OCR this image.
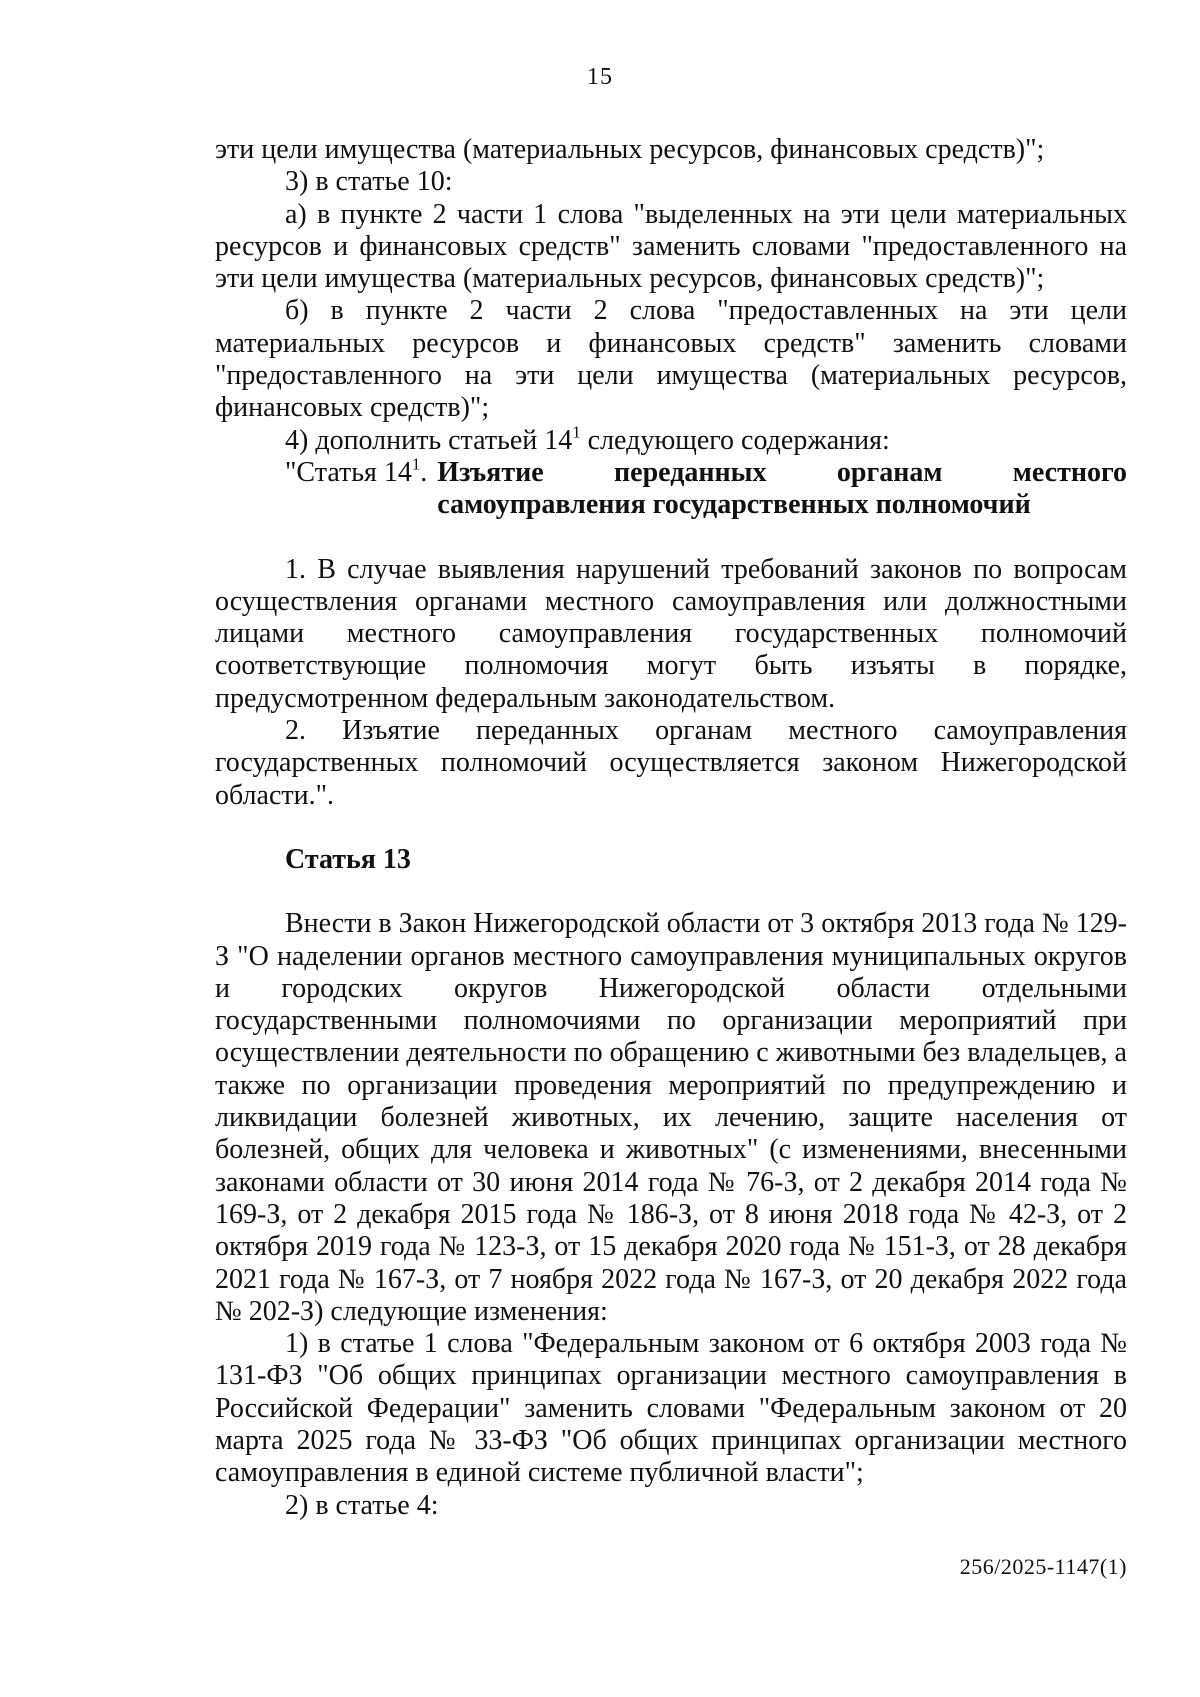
15

эти цели имущества (материальных ресурсов, финансовых средств)";

3) в статье 10:

а) в пункте 2 части 1 слова "выделенных на эти цели материальных ресурсов и финансовых средств" заменить словами "предоставленного на эти цели имущества (материальных ресурсов, финансовых средств)";

б) в пункте 2 части 2 слова "предоставленных на эти цели материальных ресурсов и финансовых средств" заменить словами "предоставленного на эти цели имущества (материальных ресурсов, финансовых средств)";

4) дополнить статьей $14^1$ следующего содержания:

"Статья $14^1$. Изъятие	переданных	органам	местного
самоуправления государственных полномочий

1. В случае выявления нарушений требований законов по вопросам осуществления органами местного самоуправления или должностными лицами местного самоуправления государственных полномочий соответствующие полномочия могут быть изъяты в порядке, предусмотренном федеральным законодательством.

2. Изъятие переданных органам местного самоуправления государственных полномочий осуществляется законом Нижегородской области.".

Статья 13

Внести в Закон Нижегородской области от 3 октября 2013 года № 129-З "О наделении органов местного самоуправления муниципальных округов и городских округов Нижегородской области отдельными государственными полномочиями по организации мероприятий при осуществлении деятельности по обращению с животными без владельцев, а также по организации проведения мероприятий по предупреждению и ликвидации болезней животных, их лечению, защите населения от болезней, общих для человека и животных" (с изменениями, внесенными законами области от 30 июня 2014 года № 76-З, от 2 декабря 2014 года № 169-З, от 2 декабря 2015 года № 186-З, от 8 июня 2018 года № 42-З, от 2 октября 2019 года № 123-З, от 15 декабря 2020 года № 151-З, от 28 декабря 2021 года № 167-З, от 7 ноября 2022 года № 167-З, от 20 декабря 2022 года № 202-З) следующие изменения:

1) в статье 1 слова "Федеральным законом от 6 октября 2003 года № 131-ФЗ "Об общих принципах организации местного самоуправления в Российской Федерации" заменить словами "Федеральным законом от 20 марта 2025 года № 33-ФЗ "Об общих принципах организации местного самоуправления в единой системе публичной власти";

2) в статье 4:

256/2025-1147(1)
